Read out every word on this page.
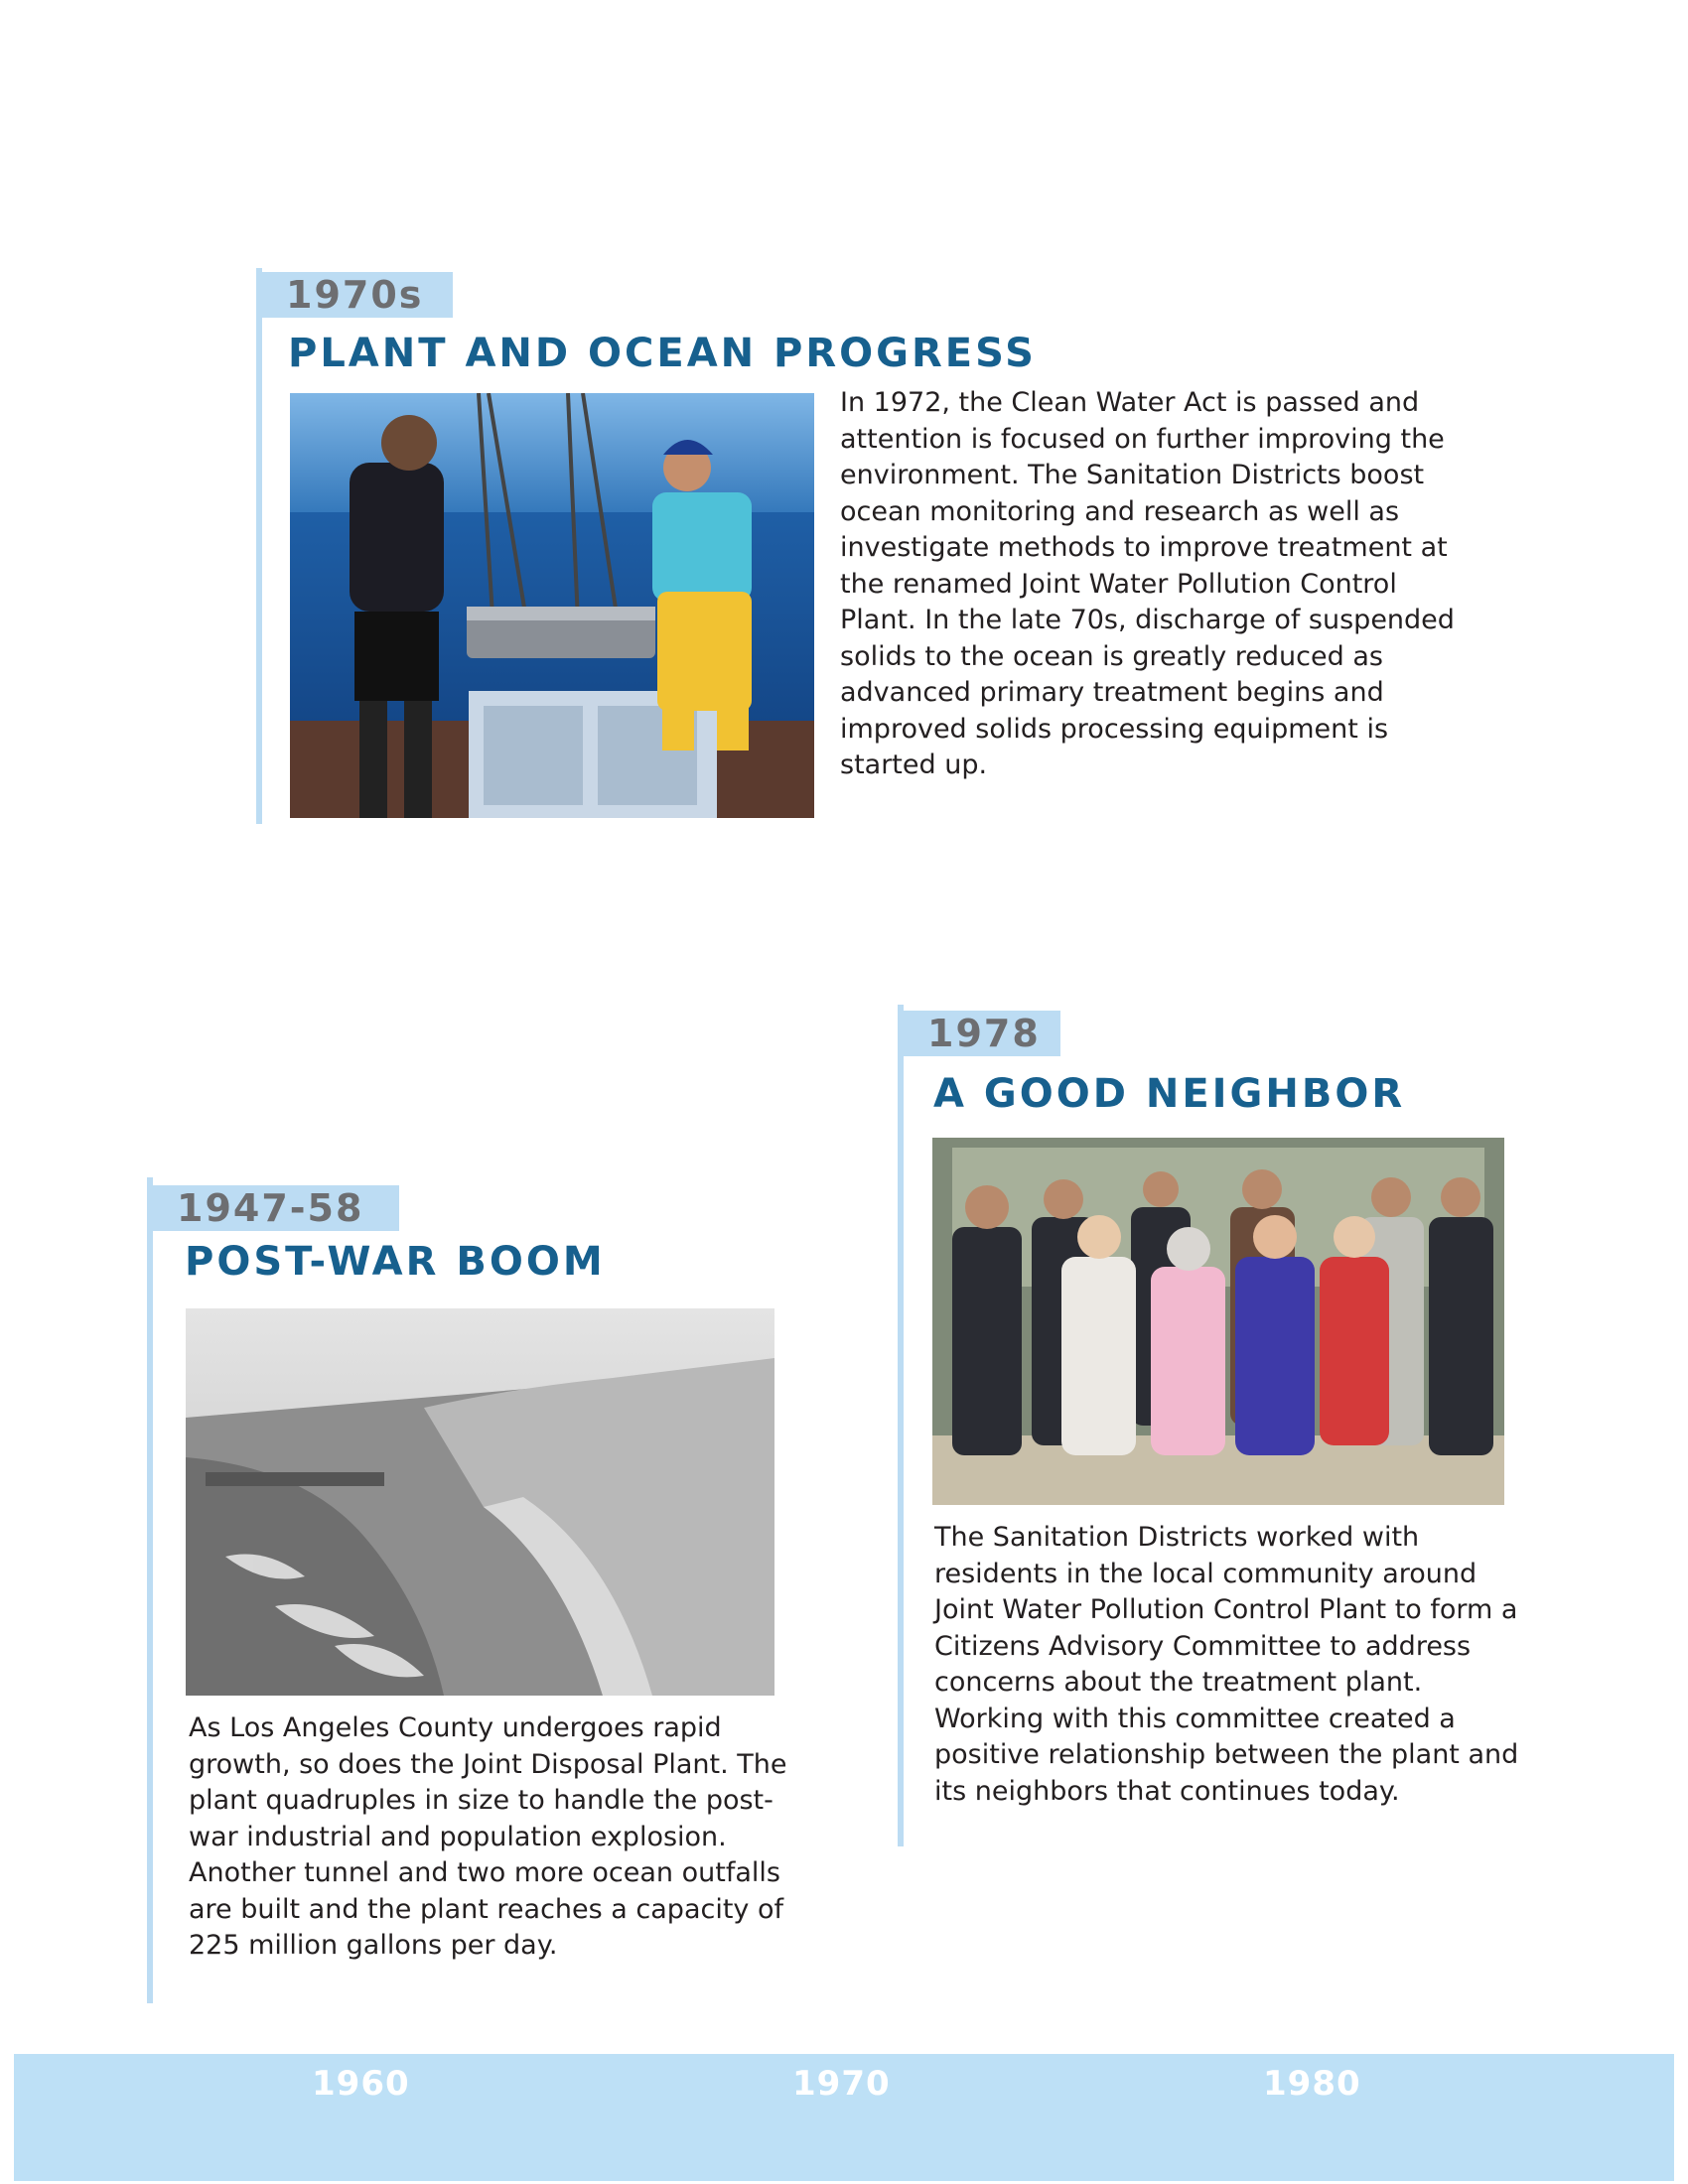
1970s
PLANT AND OCEAN PROGRESS
In 1972, the Clean Water Act is passed and attention is focused on further improving the environment. The Sanitation Districts boost ocean monitoring and research as well as investigate methods to improve treatment at the renamed Joint Water Pollution Control Plant. In the late 70s, discharge of suspended solids to the ocean is greatly reduced as advanced primary treatment begins and improved solids processing equipment is started up.
1978
A GOOD NEIGHBOR
The Sanitation Districts worked with residents in the local community around Joint Water Pollution Control Plant to form a Citizens Advisory Committee to address concerns about the treatment plant. Working with this committee created a positive relationship between the plant and its neighbors that continues today.
1947-58
POST-WAR BOOM
As Los Angeles County undergoes rapid growth, so does the Joint Disposal Plant. The plant quadruples in size to handle the post-war industrial and population explosion. Another tunnel and two more ocean outfalls are built and the plant reaches a capacity of 225 million gallons per day.
1960	1970	1980
